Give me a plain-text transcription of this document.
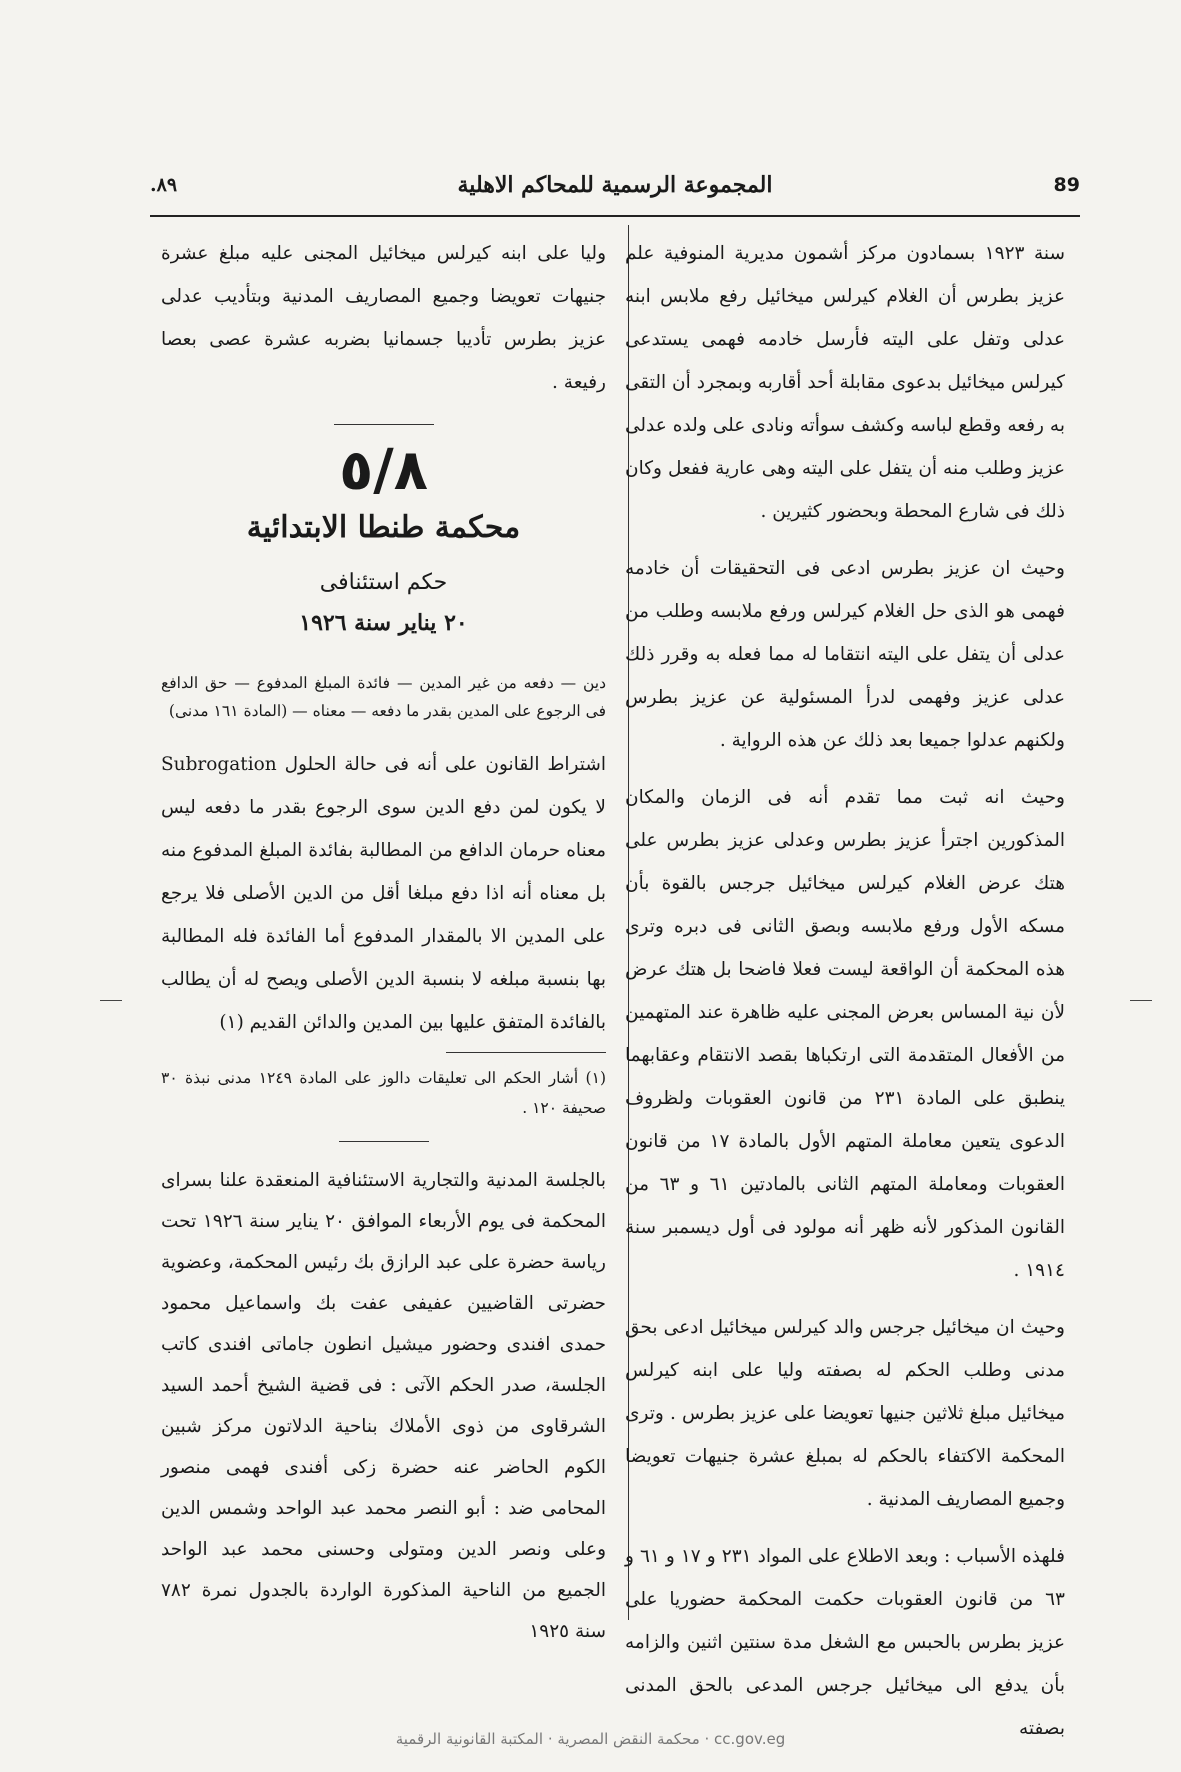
89
المجموعة الرسمية للمحاكم الاهلية
٨٩.

سنة ١٩٢٣ بسمادون مركز أشمون مديرية المنوفية علم عزيز بطرس أن الغلام كيرلس ميخائيل رفع ملابس ابنه عدلى وتفل على اليته فأرسل خادمه فهمى يستدعى كيرلس ميخائيل بدعوى مقابلة أحد أقاربه وبمجرد أن التقى به رفعه وقطع لباسه وكشف سوأته ونادى على ولده عدلى عزيز وطلب منه أن يتفل على اليته وهى عارية ففعل وكان ذلك فى شارع المحطة وبحضور كثيرين .

وحيث ان عزيز بطرس ادعى فى التحقيقات أن خادمه فهمى هو الذى حل الغلام كيرلس ورفع ملابسه وطلب من عدلى أن يتفل على اليته انتقاما له مما فعله به وقرر ذلك عدلى عزيز وفهمى لدرأ المسئولية عن عزيز بطرس ولكنهم عدلوا جميعا بعد ذلك عن هذه الرواية .

وحيث انه ثبت مما تقدم أنه فى الزمان والمكان المذكورين اجترأ عزيز بطرس وعدلى عزيز بطرس على هتك عرض الغلام كيرلس ميخائيل جرجس بالقوة بأن مسكه الأول ورفع ملابسه وبصق الثانى فى دبره وترى هذه المحكمة أن الواقعة ليست فعلا فاضحا بل هتك عرض لأن نية المساس بعرض المجنى عليه ظاهرة عند المتهمين من الأفعال المتقدمة التى ارتكباها بقصد الانتقام وعقابهما ينطبق على المادة ٢٣١ من قانون العقوبات ولظروف الدعوى يتعين معاملة المتهم الأول بالمادة ١٧ من قانون العقوبات ومعاملة المتهم الثانى بالمادتين ٦١ و ٦٣ من القانون المذكور لأنه ظهر أنه مولود فى أول ديسمبر سنة ١٩١٤ .

وحيث ان ميخائيل جرجس والد كيرلس ميخائيل ادعى بحق مدنى وطلب الحكم له بصفته وليا على ابنه كيرلس ميخائيل مبلغ ثلاثين جنيها تعويضا على عزيز بطرس . وترى المحكمة الاكتفاء بالحكم له بمبلغ عشرة جنيهات تعويضا وجميع المصاريف المدنية .

فلهذه الأسباب : وبعد الاطلاع على المواد ٢٣١ و ١٧ و ٦١ و ٦٣ من قانون العقوبات حكمت المحكمة حضوريا على عزيز بطرس بالحبس مع الشغل مدة سنتين اثنين والزامه بأن يدفع الى ميخائيل جرجس المدعى بالحق المدنى بصفته

وليا على ابنه كيرلس ميخائيل المجنى عليه مبلغ عشرة جنيهات تعويضا وجميع المصاريف المدنية وبتأديب عدلى عزيز بطرس تأديبا جسمانيا بضربه عشرة عصى بعصا رفيعة .

٥/٨
محكمة طنطا الابتدائية
حكم استئنافى
٢٠ يناير سنة ١٩٢٦
دين — دفعه من غير المدين — فائدة المبلغ المدفوع — حق الدافع فى الرجوع على المدين بقدر ما دفعه — معناه — (المادة ١٦١ مدنى)
اشتراط القانون على أنه فى حالة الحلول Subrogation لا يكون لمن دفع الدين سوى الرجوع بقدر ما دفعه ليس معناه حرمان الدافع من المطالبة بفائدة المبلغ المدفوع منه بل معناه أنه اذا دفع مبلغا أقل من الدين الأصلى فلا يرجع على المدين الا بالمقدار المدفوع أما الفائدة فله المطالبة بها بنسبة مبلغه لا بنسبة الدين الأصلى ويصح له أن يطالب بالفائدة المتفق عليها بين المدين والدائن القديم (١)
(١) أشار الحكم الى تعليقات دالوز على المادة ١٢٤٩ مدنى نبذة ٣٠ صحيفة ١٢٠ .
بالجلسة المدنية والتجارية الاستئنافية المنعقدة علنا بسراى المحكمة فى يوم الأربعاء الموافق ٢٠ يناير سنة ١٩٢٦ تحت رياسة حضرة على عبد الرازق بك رئيس المحكمة، وعضوية حضرتى القاضيين عفيفى عفت بك واسماعيل محمود حمدى افندى وحضور ميشيل انطون جاماتى افندى كاتب الجلسة، صدر الحكم الآتى : فى قضية الشيخ أحمد السيد الشرقاوى من ذوى الأملاك بناحية الدلاتون مركز شبين الكوم الحاضر عنه حضرة زكى أفندى فهمى منصور المحامى ضد : أبو النصر محمد عبد الواحد وشمس الدين وعلى ونصر الدين ومتولى وحسنى محمد عبد الواحد الجميع من الناحية المذكورة الواردة بالجدول نمرة ٧٨٢ سنة ١٩٢٥
cc.gov.eg · محكمة النقض المصرية · المكتبة القانونية الرقمية
